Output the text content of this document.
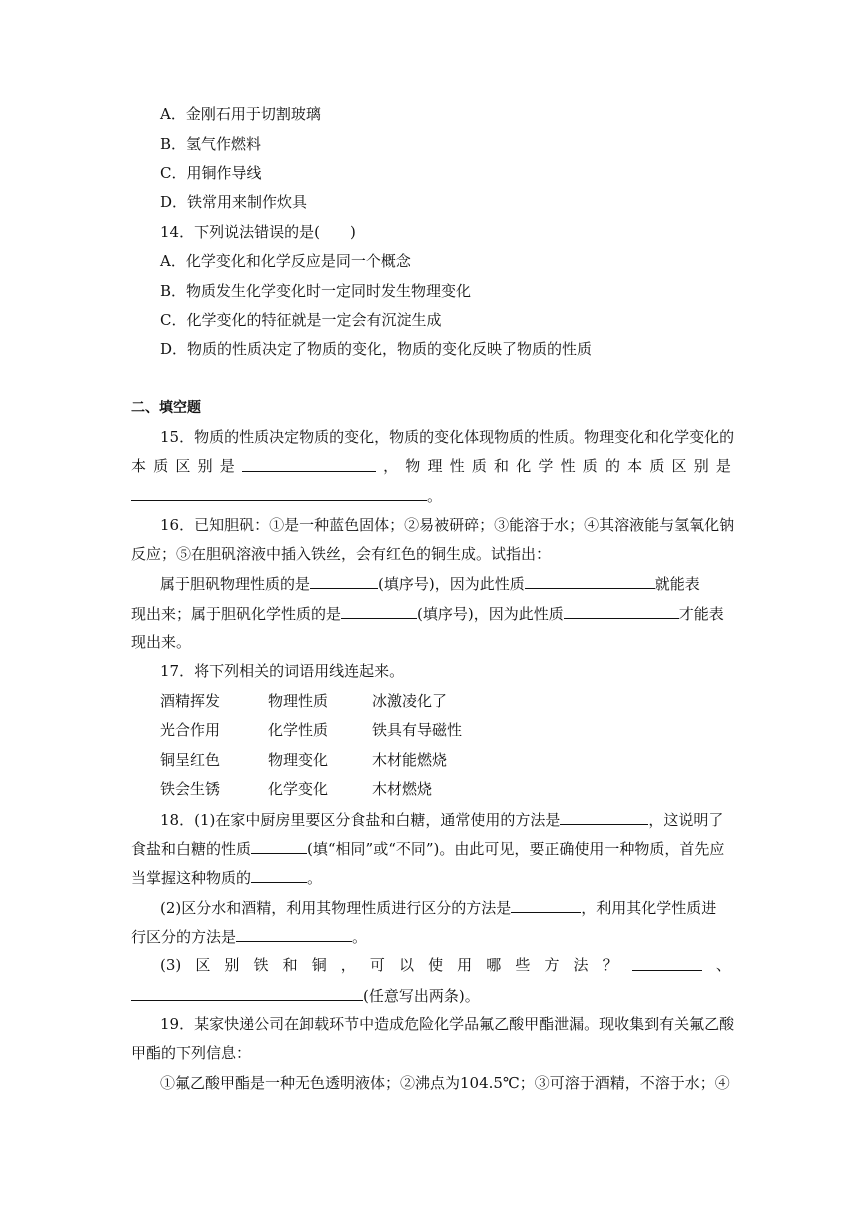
A．金刚石用于切割玻璃
B．氢气作燃料
C．用铜作导线
D．铁常用来制作炊具
14．下列说法错误的是(　　)
A．化学变化和化学反应是同一个概念
B．物质发生化学变化时一定同时发生物理变化
C．化学变化的特征就是一定会有沉淀生成
D．物质的性质决定了物质的变化，物质的变化反映了物质的性质
二、填空题
15．物质的性质决定物质的变化，物质的变化体现物质的性质。物理变化和化学变化的
本 质 区 别 是	， 物 理 性 质 和 化 学 性 质 的 本 质 区 别 是
。
16．已知胆矾：①是一种蓝色固体；②易被研碎；③能溶于水；④其溶液能与氢氧化钠
反应；⑤在胆矾溶液中插入铁丝，会有红色的铜生成。试指出：
属于胆矾物理性质的是	(填序号)，因为此性质	就能表
现出来；属于胆矾化学性质的是	(填序号)，因为此性质	才能表
现出来。
17．将下列相关的词语用线连起来。
酒精挥发	物理性质	冰激凌化了
光合作用	化学性质	铁具有导磁性
铜呈红色	物理变化	木材能燃烧
铁会生锈	化学变化	木材燃烧
18．(1)在家中厨房里要区分食盐和白糖，通常使用的方法是	，这说明了
食盐和白糖的性质	(填“相同”或“不同”)。由此可见，要正确使用一种物质，首先应
当掌握这种物质的	。
(2)区分水和酒精，利用其物理性质进行区分的方法是	，利用其化学性质进
行区分的方法是	。
(3) 区 别 铁 和 铜 ， 可 以 使 用 哪 些 方 法 ？	、
(任意写出两条)。
19．某家快递公司在卸载环节中造成危险化学品氟乙酸甲酯泄漏。现收集到有关氟乙酸
甲酯的下列信息：
①氟乙酸甲酯是一种无色透明液体；②沸点为104.5℃；③可溶于酒精，不溶于水；④
